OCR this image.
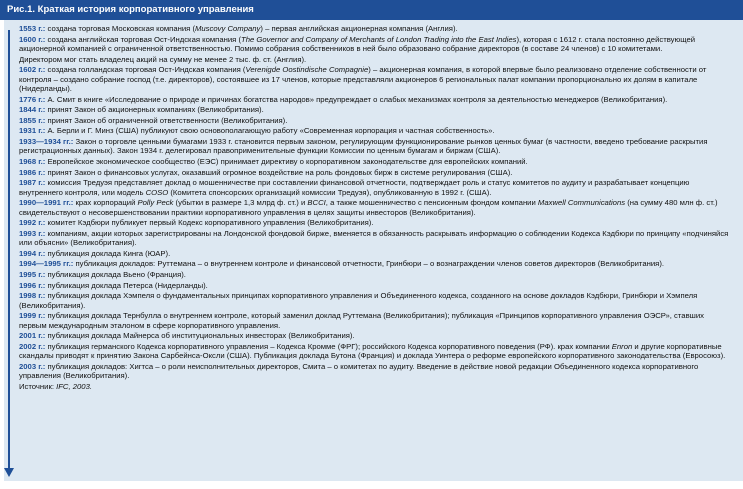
Рис.1. Краткая история корпоративного управления

1553 г.: создана торговая Московская компания (Muscovy Company) – первая английская акционерная компания (Англия).

1600 г.: создана английская торговая Ост-Индская компания (The Governor and Company of Merchants of London Trading into the East Indies), которая с 1612 г. стала постоянно действующей акционерной компанией с ограниченной ответственностью. Помимо собрания собственников в ней было образовано собрание директоров (в составе 24 членов) с 10 комитетами.

Директором мог стать владелец акций на сумму не менее 2 тыс. ф. ст. (Англия).

1602 г.: создана голландская торговая Ост-Индская компания (Verenigde Oostindische Compagnie) – акционерная компания, в которой впервые было реализовано отделение собственности от контроля – создано собрание господ (т.е. директоров), состоявшее из 17 членов, которые представляли акционеров 6 региональных палат компании пропорционально их долям в капитале (Нидерланды).

1776 г.: А. Смит в книге «Исследование о природе и причинах богатства народов» предупреждает о слабых механизмах контроля за деятельностью менеджеров (Великобритания).

1844 г.: принят Закон об акционерных компаниях (Великобритания).

1855 г.: принят Закон об ограниченной ответственности (Великобритания).

1931 г.: А. Берли и Г. Минз (США) публикуют свою основополагающую работу «Современная корпорация и частная собственность».

1933—1934 гг.: Закон о торговле ценными бумагами 1933 г. становится первым законом, регулирующим функционирование рынков ценных бумаг (в частности, введено требование раскрытия регистрационных данных). Закон 1934 г. делегировал правоприменительные функции Комиссии по ценным бумагам и биржам (США).

1968 г.: Европейское экономическое сообщество (ЕЭС) принимает директиву о корпоративном законодательстве для европейских компаний.

1986 г.: принят Закон о финансовых услугах, оказавший огромное воздействие на роль фондовых бирж в системе регулирования (США).

1987 г.: комиссия Тредуэя представляет доклад о мошенничестве при составлении финансовой отчетности, подтверждает роль и статус комитетов по аудиту и разрабатывает концепцию внутреннего контроля, или модель COSO (Комитета спонсорских организаций комиссии Тредуэя), опубликованную в 1992 г. (США).

1990—1991 гг.: крах корпораций Polly Peck (убытки в размере 1,3 млрд ф. ст.) и BCCI, а также мошенничество с пенсионным фондом компании Maxwell Communications (на сумму 480 млн ф. ст.) свидетельствуют о несовершенствовании практики корпоративного управления в целях защиты инвесторов (Великобритания).

1992 г.: комитет Кэдбюри публикует первый Кодекс корпоративного управления (Великобритания).

1993 г.: компаниям, акции которых зарегистрированы на Лондонской фондовой бирже, вменяется в обязанность раскрывать информацию о соблюдении Кодекса Кэдбюри по принципу «подчиняйся или объясни» (Великобритания).

1994 г.: публикация доклада Кинга (ЮАР).

1994—1995 гг.: публикация докладов: Руттемана – о внутреннем контроле и финансовой отчетности, Гринбюри – о вознаграждении членов советов директоров (Великобритания).

1995 г.: публикация доклада Вьено (Франция).

1996 г.: публикация доклада Петерса (Нидерланды).

1998 г.: публикация доклада Хэмпеля о фундаментальных принципах корпоративного управления и Объединенного кодекса, созданного на основе докладов Кэдбюри, Гринбюри и Хэмпеля (Великобритания).

1999 г.: публикация доклада Тернбулла о внутреннем контроле, который заменил доклад Руттемана (Великобритания); публикация «Принципов корпоративного управления ОЭСР», ставших первым международным эталоном в сфере корпоративного управления.

2001 г.: публикация доклада Майнерса об институциональных инвесторах (Великобритания).

2002 г.: публикация германского Кодекса корпоративного управления – Кодекса Кромме (ФРГ); российского Кодекса корпоративного поведения (РФ). крах компании Enron и другие корпоративные скандалы приводят к принятию Закона Сарбейнса-Оксли (США). Публикация доклада Бутона (Франция) и доклада Уинтера о реформе европейского корпоративного законодательства (Евросоюз).

2003 г.: публикация докладов: Хигтса – о роли неисполнительных директоров, Смита – о комитетах по аудиту. Введение в действие новой редакции Объединенного кодекса корпоративного управления (Великобритания).

Источник: IFC, 2003.
